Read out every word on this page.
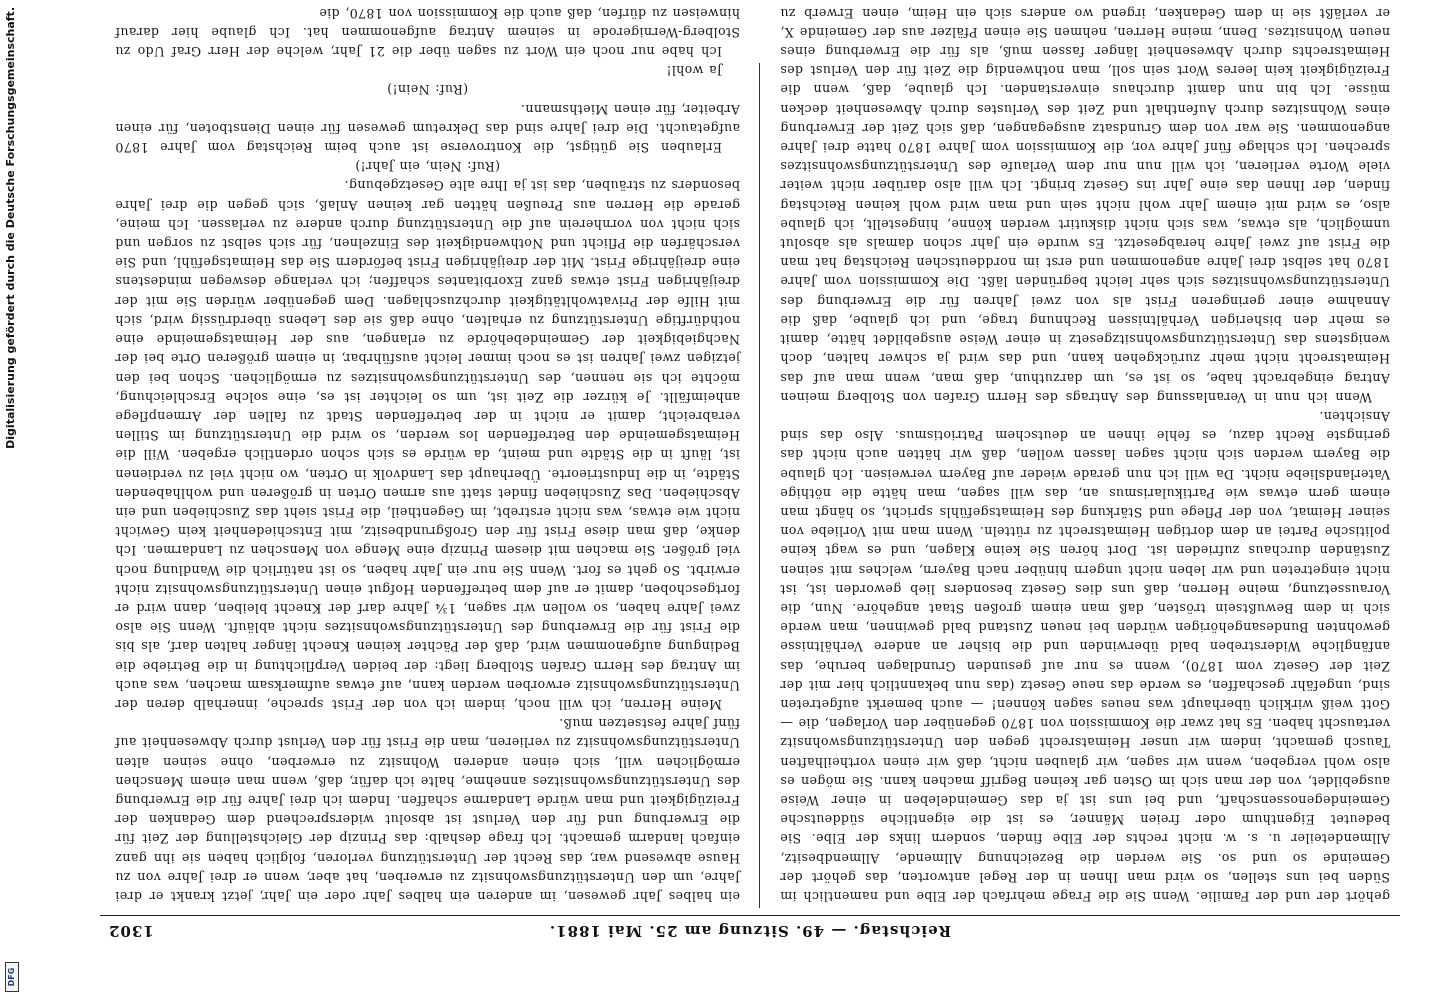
Reichstag. — 49. Sitzung am 25. Mai 1881.
1302

gehört der und der Familie. Wenn Sie die Frage mehrfach der Elbe und namentlich im Süden bei uns stellen, so wird man Ihnen in der Regel antworten, das gehört der Gemeinde so und so. Sie werden die Bezeichnung Allmende, Allmendbesitz, Allmendeteiler u. s. w. nicht rechts der Elbe finden, sondern links der Elbe. Sie bedeutet Eigenthum oder freien Männer, es ist die eigentliche süddeutsche Gemeindegenossenschaft, und bei uns ist ja das Gemeindeleben in einer Weise ausgebildet, von der man sich im Osten gar keinen Begriff machen kann. Sie mögen es also wohl vergeben, wenn wir sagen, wir glauben nicht, daß wir einen vortheilhaften Tausch gemacht, indem wir unser Heimatsrecht gegen den Unterstützungswohnsitz vertauscht haben. Es hat zwar die Kommission von 1870 gegenüber den Vorlagen, die — Gott weiß wirklich überhaupt was neues sagen können! — auch bemerkt aufgetreten sind, ungefähr geschaffen, es werde das neue Gesetz (das nun bekanntlich hier mit der Zeit der Gesetz vom 1870), wenn es nur auf gesunden Grundlagen beruhe, das anfängliche Widerstreben bald überwinden und die bisher an andere Verhältnisse gewohnten Bundesangehörigen würden bei neuen Zustand bald gewinnen, man werde sich in dem Bewußtsein trösten, daß man einem großen Staat angehöre. Nun, die Voraussetzung, meine Herren, daß uns dies Gesetz besonders lieb geworden ist, ist nicht eingetreten und wir leben nicht ungern hinüber nach Bayern, welches mit seinen Zuständen durchaus zufrieden ist. Dort hören Sie keine Klagen, und es wagt keine politische Partei an dem dortigen Heimatsrecht zu rütteln. Wenn man mit Vorliebe von seiner Heimat, von der Pflege und Stärkung des Heimatsgefühls spricht, so hängt man einem gern etwas wie Partikularismus an, das will sagen, man hätte die nöthige Vaterlandsliebe nicht. Da will ich nun gerade wieder auf Bayern verweisen. Ich glaube die Bayern werden sich nicht sagen lassen wollen, daß wir hätten auch nicht das geringste Recht dazu, es fehle ihnen an deutschem Patriotismus. Also das sind Ansichten.

Wenn ich nun in Veranlassung des Antrags des Herrn Grafen von Stolberg meinen Antrag eingebracht habe, so ist es, um darzuthun, daß man, wenn man auf das Heimatsrecht nicht mehr zurückgehen kann, und das wird ja schwer halten, doch wenigstens das Unterstützungswohnsitzgesetz in einer Weise ausgebildet hätte, damit es mehr den bisherigen Verhältnissen Rechnung trage, und ich glaube, daß die Annahme einer geringeren Frist als von zwei Jahren für die Erwerbung des Unterstützungswohnsitzes sich sehr leicht begründen läßt. Die Kommission vom Jahre 1870 hat selbst drei Jahre angenommen und erst im norddeutschen Reichstag hat man die Frist auf zwei Jahre herabgesetzt. Es wurde ein Jahr schon damals als absolut unmöglich, als etwas, was sich nicht diskutirt werden könne, hingestellt, ich glaube also, es wird mit einem Jahr wohl nicht sein und man wird wohl keinen Reichstag finden, der Ihnen das eine Jahr ins Gesetz bringt. Ich will also darüber nicht weiter viele Worte verlieren, ich will nun nur dem Verlaufe des Unterstützungswohnsitzes sprechen. Ich schlage fünf Jahre vor, die Kommission vom Jahre 1870 hatte drei Jahre angenommen. Sie war von dem Grundsatz ausgegangen, daß sich Zeit der Erwerbung eines Wohnsitzes durch Aufenthalt und Zeit des Verlustes durch Abwesenheit decken müsse. Ich bin nun damit durchaus einverstanden. Ich glaube, daß, wenn die Freizügigkeit kein leeres Wort sein soll, man nothwendig die Zeit für den Verlust des Heimatsrechts durch Abwesenheit länger fassen muß, als für die Erwerbung eines neuen Wohnsitzes. Denn, meine Herren, nehmen Sie einen Pfälzer aus der Gemeinde X, er verläßt sie in dem Gedanken, irgend wo anders sich ein Heim, einen Erwerb zu

ein halbes Jahr gewesen, im anderen ein halbes Jahr oder ein Jahr, jetzt krankt er drei Jahre, um den Unterstützungswohnsitz zu erwerben, hat aber, wenn er drei Jahre von zu Hause abwesend war, das Recht der Unterstützung verloren, folglich haben sie ihn ganz einfach landarm gemacht. Ich frage deshalb: das Prinzip der Gleichstellung der Zeit für die Erwerbung und für den Verlust ist absolut widersprechend dem Gedanken der Freizügigkeit und man würde Landarme schaffen. Indem ich drei Jahre für die Erwerbung des Unterstützungswohnsitzes annehme, halte ich dafür, daß, wenn man einem Menschen ermöglichen will, sich einen anderen Wohnsitz zu erwerben, ohne seinen alten Unterstützungswohnsitz zu verlieren, man die Frist für den Verlust durch Abwesenheit auf fünf Jahre festsetzen muß.

Meine Herren, ich will noch, indem ich von der Frist spreche, innerhalb deren der Unterstützungswohnsitz erworben werden kann, auf etwas aufmerksam machen, was auch im Antrag des Herrn Grafen Stolberg liegt: der beiden Verpflichtung in die Betriebe die Bedingung aufgenommen wird, daß der Pächter keinen Knecht länger halten darf, als bis die Frist für die Erwerbung des Unterstützungswohnsitzes nicht abläuft. Wenn Sie also zwei Jahre haben, so wollen wir sagen, 1¾ Jahre darf der Knecht bleiben, dann wird er fortgeschoben, damit er auf dem betreffenden Hofgut einen Unterstützungswohnsitz nicht erwirbt. So geht es fort. Wenn Sie nur ein Jahr haben, so ist natürlich die Wandlung noch viel größer. Sie machen mit diesem Prinzip eine Menge von Menschen zu Landarmen. Ich denke, daß man diese Frist für den Großgrundbesitz, mit Entschiedenheit kein Gewicht nicht wie etwas, was nicht erstrebt, im Gegentheil, die Frist sieht das Zuschieben und ein Abschieben. Das Zuschieben findet statt aus armen Orten in größeren und wohlhabenden Städte, in die Industrieorte. Überhaupt das Landvolk in Orten, wo nicht viel zu verdienen ist, läuft in die Städte und meint, da würde es sich schon ordentlich ergeben. Will die Heimatsgemeinde den Betreffenden los werden, so wird die Unterstützung im Stillen verabreicht, damit er nicht in der betreffenden Stadt zu fallen der Armenpflege anheimfällt. Je kürzer die Zeit ist, um so leichter ist es, eine solche Erschleichung, möchte ich sie nennen, des Unterstützungswohnsitzes zu ermöglichen. Schon bei den jetzigen zwei Jahren ist es noch immer leicht ausführbar, in einem größeren Orte bei der Nachgiebigkeit der Gemeindebehörde zu erlangen, aus der Heimatsgemeinde eine nothdürftige Unterstützung zu erhalten, ohne daß sie des Lebens überdrüssig wird, sich mit Hilfe der Privatwohltätigkeit durchzuschlagen. Dem gegenüber würden Sie mit der dreijährigen Frist etwas ganz Exorbitantes schaffen; ich verlange deswegen mindestens eine dreijährige Frist. Mit der dreijährigen Frist befördern Sie das Heimatsgefühl, und Sie verschärfen die Pflicht und Nothwendigkeit des Einzelnen, für sich selbst zu sorgen und sich nicht von vornherein auf die Unterstützung durch andere zu verlassen. Ich meine, gerade die Herren aus Preußen hätten gar keinen Anlaß, sich gegen die drei Jahre besonders zu sträuben, das ist ja Ihre alte Gesetzgebung.

(Ruf: Nein, ein Jahr!)

Erlauben Sie gütigst, die Kontroverse ist auch beim Reichstag vom Jahre 1870 aufgetaucht. Die drei Jahre sind das Dekretum gewesen für einen Dienstboten, für einen Arbeiter, für einen Miethsmann.

(Ruf: Nein!)

Ja wohl!

Ich habe nur noch ein Wort zu sagen über die 21 Jahr, welche der Herr Graf Udo zu Stolberg-Wernigerode in seinem Antrag aufgenommen hat. Ich glaube hier darauf hinweisen zu dürfen, daß auch die Kommission von 1870, die

Digitalisierung gefördert durch die Deutsche Forschungsgemeinschaft.
DFG
